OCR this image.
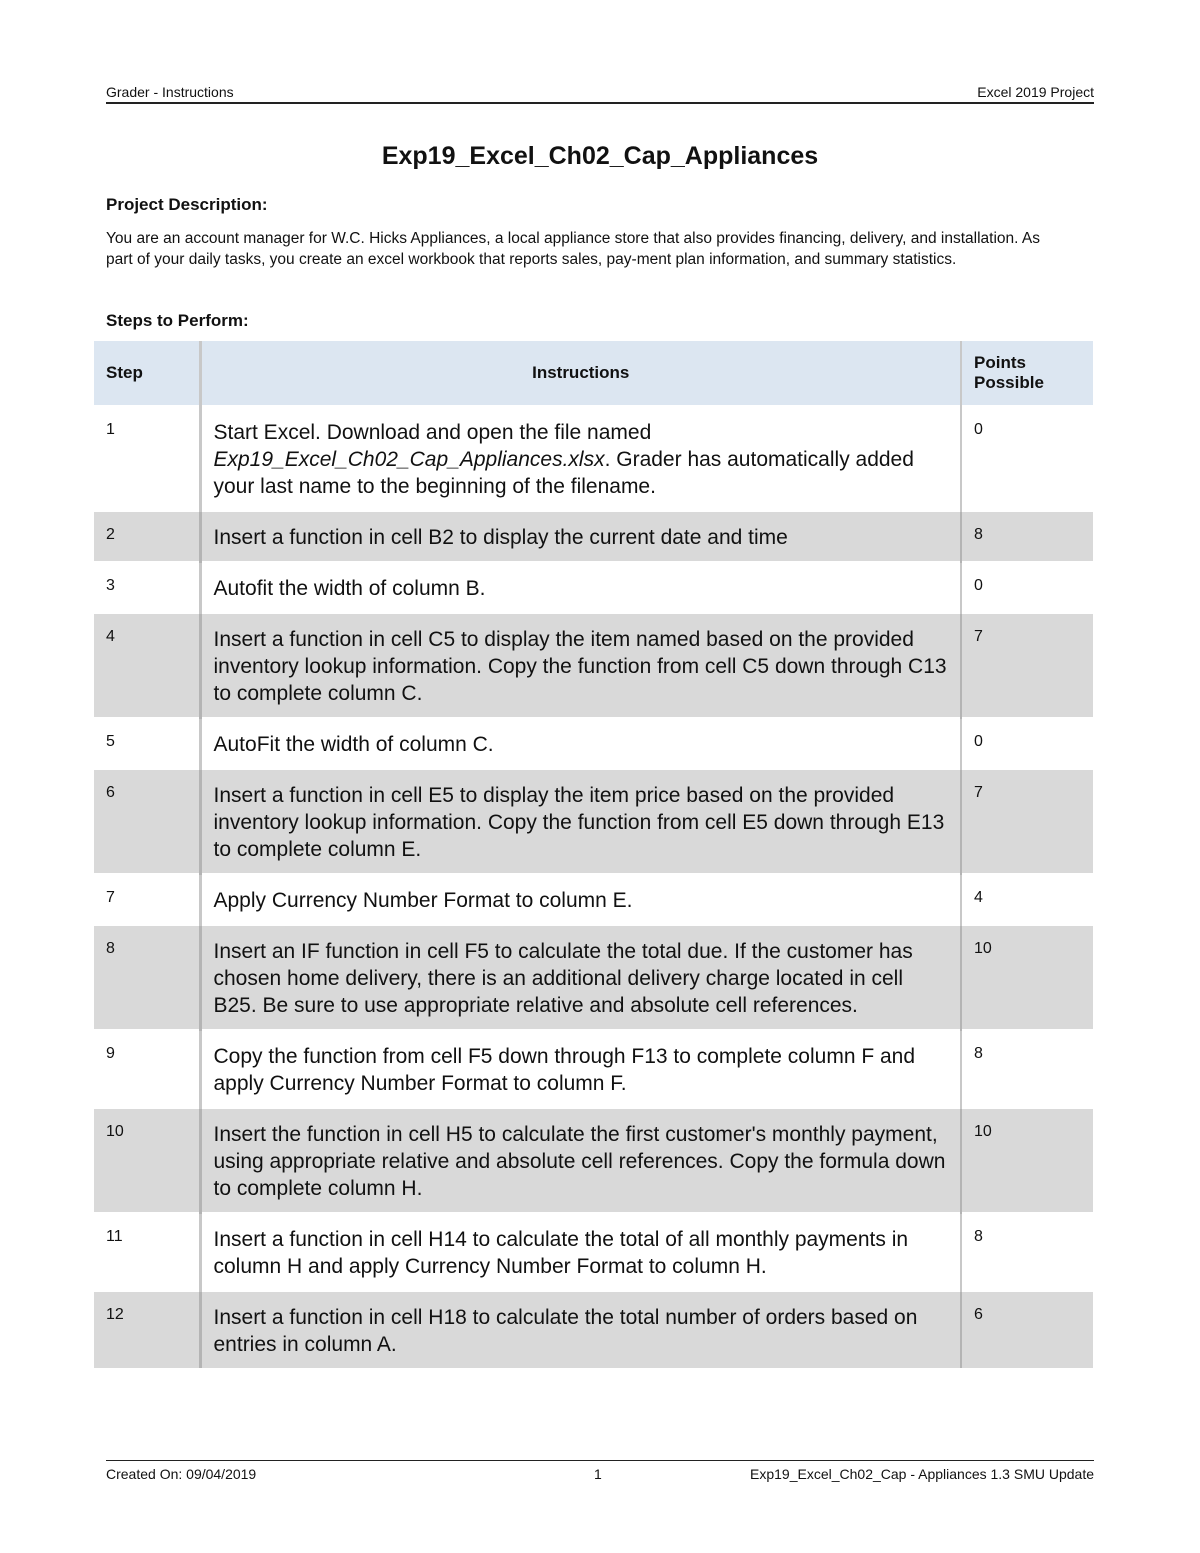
Grader - Instructions	Excel 2019 Project
Exp19_Excel_Ch02_Cap_Appliances
Project Description:
You are an account manager for W.C. Hicks Appliances, a local appliance store that also provides financing, delivery, and installation. As part of your daily tasks, you create an excel workbook that reports sales, pay-ment plan information, and summary statistics.
Steps to Perform:
Step	Instructions	Points Possible
1	Start Excel. Download and open the file named Exp19_Excel_Ch02_Cap_Appliances.xlsx. Grader has automatically added your last name to the beginning of the filename.	0
2	Insert a function in cell B2 to display the current date and time	8
3	Autofit the width of column B.	0
4	Insert a function in cell C5 to display the item named based on the provided inventory lookup information. Copy the function from cell C5 down through C13 to complete column C.	7
5	AutoFit the width of column C.	0
6	Insert a function in cell E5 to display the item price based on the provided inventory lookup information. Copy the function from cell E5 down through E13 to complete column E.	7
7	Apply Currency Number Format to column E.	4
8	Insert an IF function in cell F5 to calculate the total due. If the customer has chosen home delivery, there is an additional delivery charge located in cell B25. Be sure to use appropriate relative and absolute cell references.	10
9	Copy the function from cell F5 down through F13 to complete column F and apply Currency Number Format to column F.	8
10	Insert the function in cell H5 to calculate the first customer's monthly payment, using appropriate relative and absolute cell references. Copy the formula down to complete column H.	10
11	Insert a function in cell H14 to calculate the total of all monthly payments in column H and apply Currency Number Format to column H.	8
12	Insert a function in cell H18 to calculate the total number of orders based on entries in column A.	6
Created On: 09/04/2019	1	Exp19_Excel_Ch02_Cap - Appliances 1.3 SMU Update
